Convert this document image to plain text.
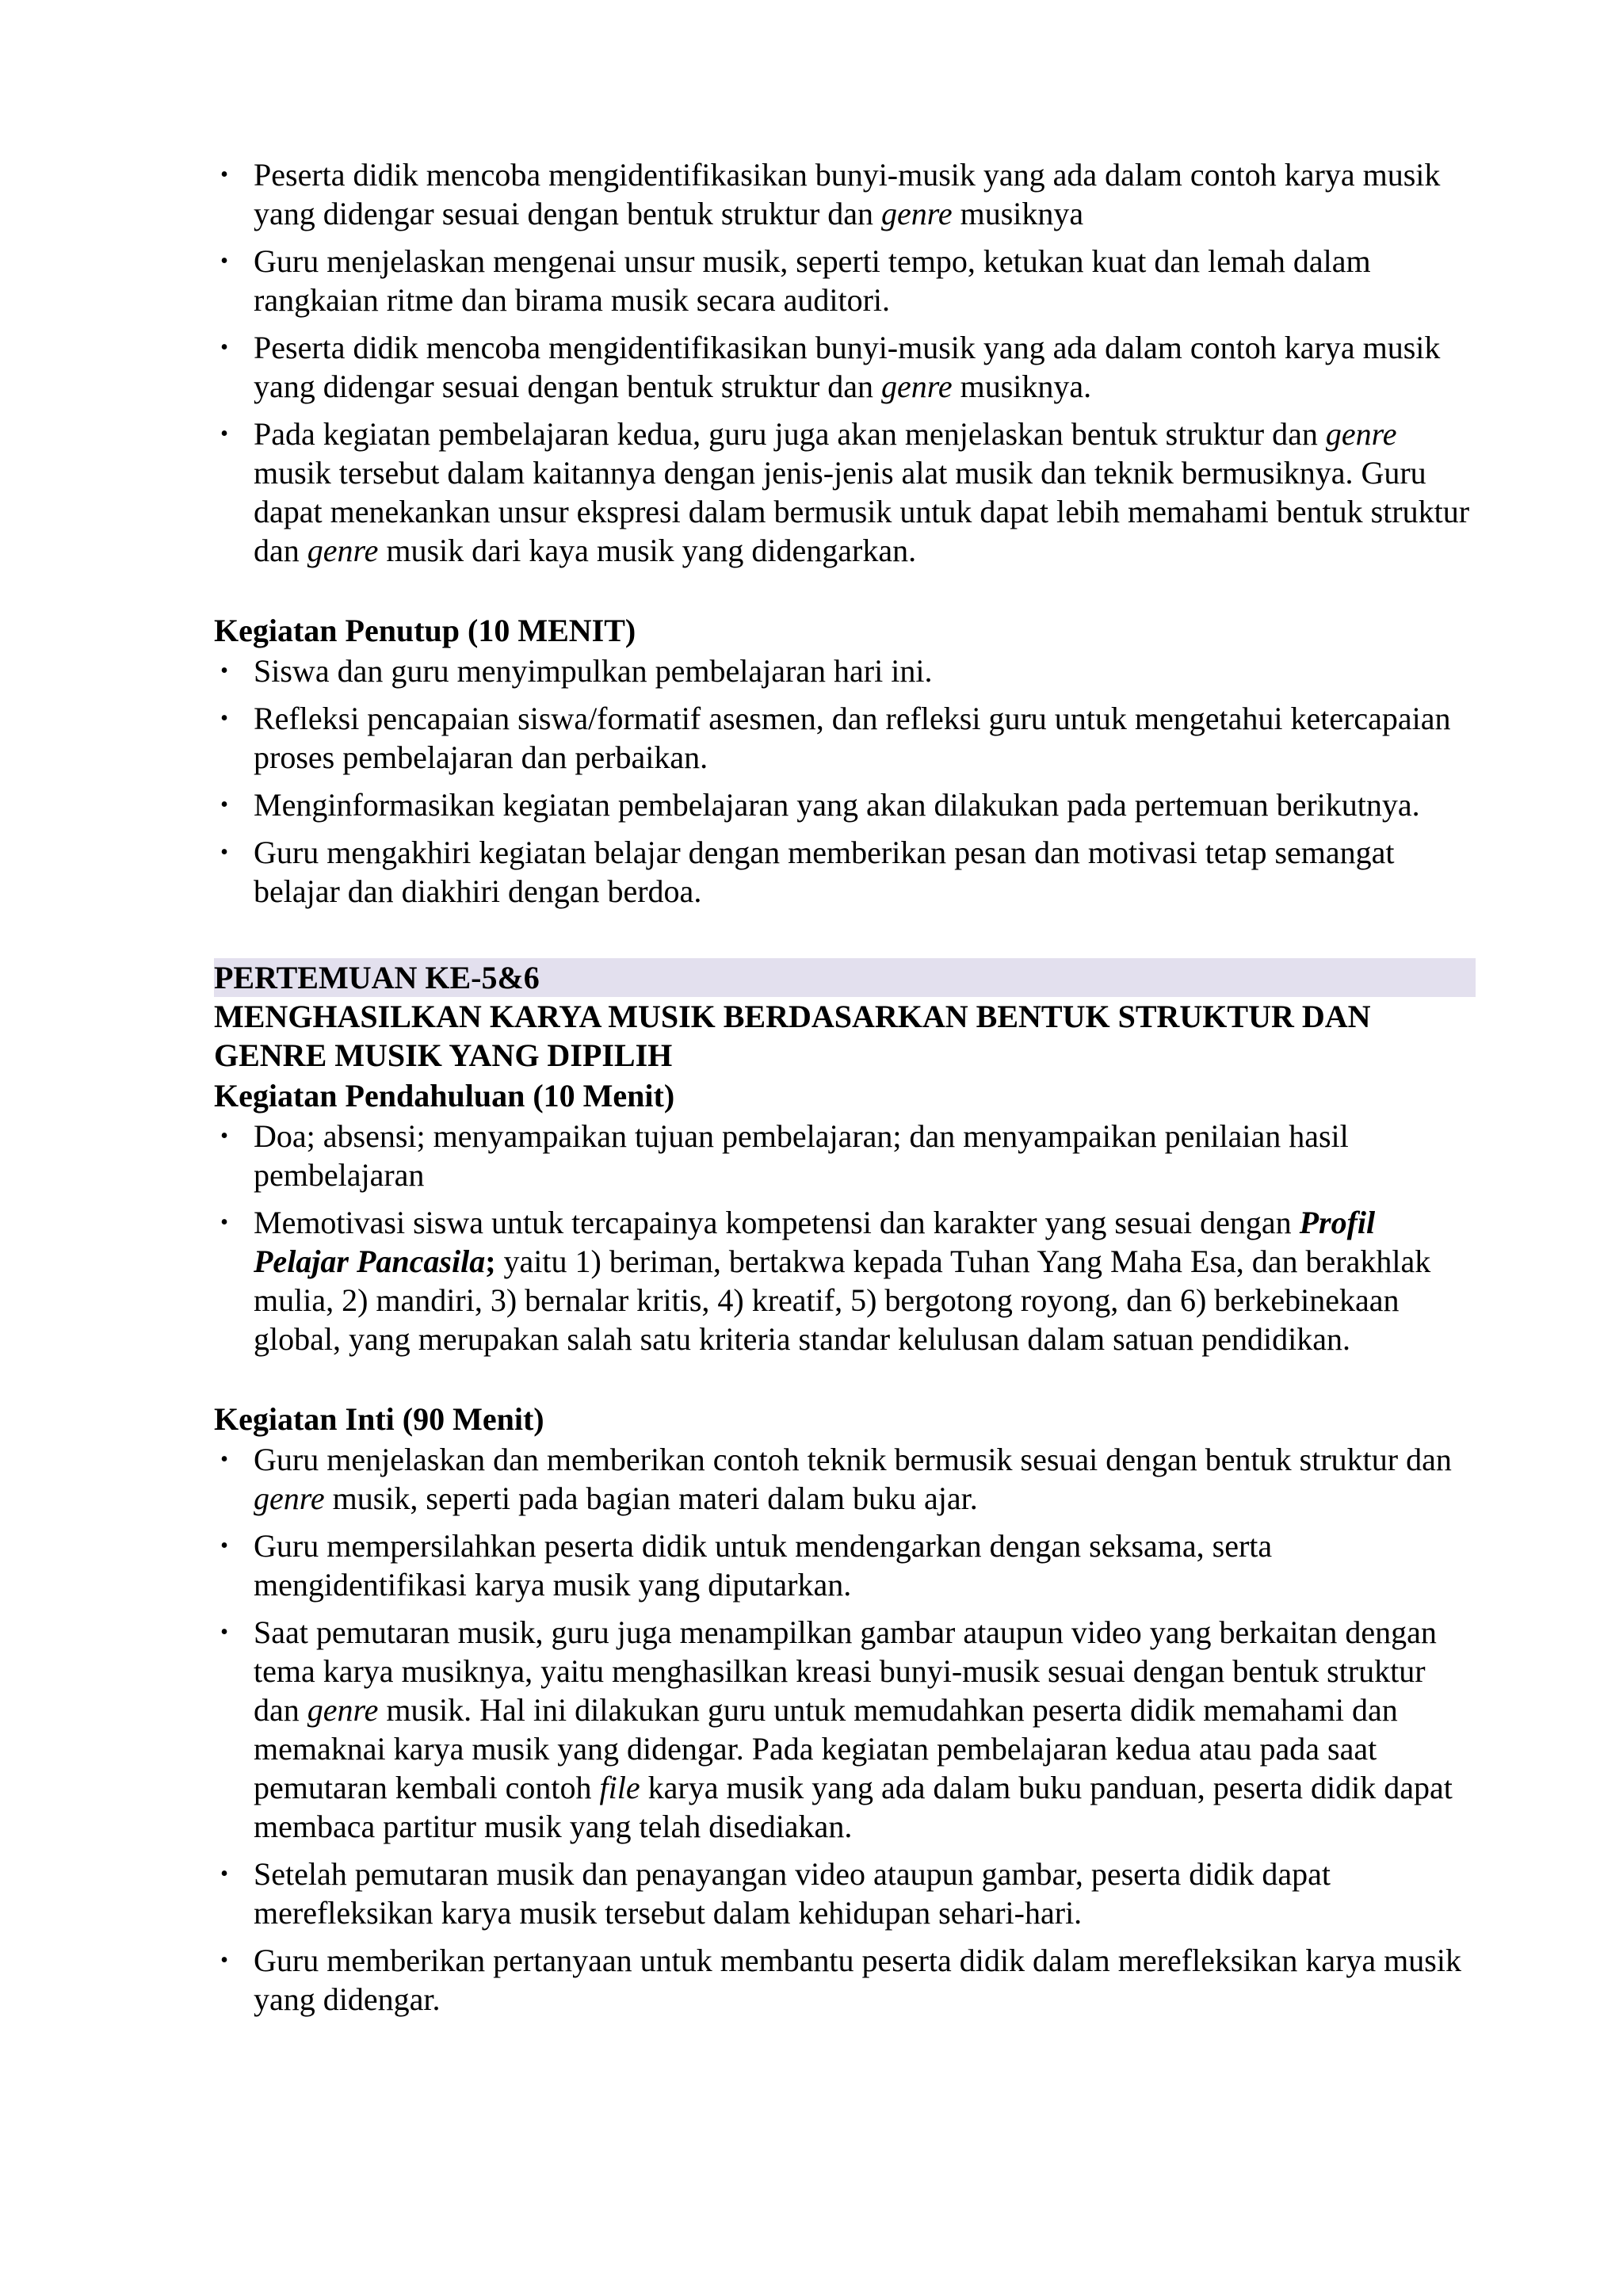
• Peserta didik mencoba mengidentifikasikan bunyi-musik yang ada dalam contoh karya musik yang didengar sesuai dengan bentuk struktur dan genre musiknya
• Guru menjelaskan mengenai unsur musik, seperti tempo, ketukan kuat dan lemah dalam rangkaian ritme dan birama musik secara auditori.
• Peserta didik mencoba mengidentifikasikan bunyi-musik yang ada dalam contoh karya musik yang didengar sesuai dengan bentuk struktur dan genre musiknya.
• Pada kegiatan pembelajaran kedua, guru juga akan menjelaskan bentuk struktur dan genre musik tersebut dalam kaitannya dengan jenis-jenis alat musik dan teknik bermusiknya. Guru dapat menekankan unsur ekspresi dalam bermusik untuk dapat lebih memahami bentuk struktur dan genre musik dari kaya musik yang didengarkan.

Kegiatan Penutup (10 MENIT)

• Siswa dan guru menyimpulkan pembelajaran hari ini.
• Refleksi pencapaian siswa/formatif asesmen, dan refleksi guru untuk mengetahui ketercapaian proses pembelajaran dan perbaikan.
• Menginformasikan kegiatan pembelajaran yang akan dilakukan pada pertemuan berikutnya.
• Guru mengakhiri kegiatan belajar dengan memberikan pesan dan motivasi tetap semangat belajar dan diakhiri dengan berdoa.
PERTEMUAN KE-5&6

MENGHASILKAN KARYA MUSIK BERDASARKAN BENTUK STRUKTUR DAN GENRE MUSIK YANG DIPILIH

Kegiatan Pendahuluan (10 Menit)

• Doa; absensi; menyampaikan tujuan pembelajaran; dan menyampaikan penilaian hasil pembelajaran
• Memotivasi siswa untuk tercapainya kompetensi dan karakter yang sesuai dengan Profil Pelajar Pancasila; yaitu 1) beriman, bertakwa kepada Tuhan Yang Maha Esa, dan berakhlak mulia, 2) mandiri, 3) bernalar kritis, 4) kreatif, 5) bergotong royong, dan 6) berkebinekaan global, yang merupakan salah satu kriteria standar kelulusan dalam satuan pendidikan.

Kegiatan Inti (90 Menit)

• Guru menjelaskan dan memberikan contoh teknik bermusik sesuai dengan bentuk struktur dan genre musik, seperti pada bagian materi dalam buku ajar.
• Guru mempersilahkan peserta didik untuk mendengarkan dengan seksama, serta mengidentifikasi karya musik yang diputarkan.
• Saat pemutaran musik, guru juga menampilkan gambar ataupun video yang berkaitan dengan tema karya musiknya, yaitu menghasilkan kreasi bunyi-musik sesuai dengan bentuk struktur dan genre musik. Hal ini dilakukan guru untuk memudahkan peserta didik memahami dan memaknai karya musik yang didengar. Pada kegiatan pembelajaran kedua atau pada saat pemutaran kembali contoh file karya musik yang ada dalam buku panduan, peserta didik dapat membaca partitur musik yang telah disediakan.
• Setelah pemutaran musik dan penayangan video ataupun gambar, peserta didik dapat merefleksikan karya musik tersebut dalam kehidupan sehari-hari.
• Guru memberikan pertanyaan untuk membantu peserta didik dalam merefleksikan karya musik yang didengar.
